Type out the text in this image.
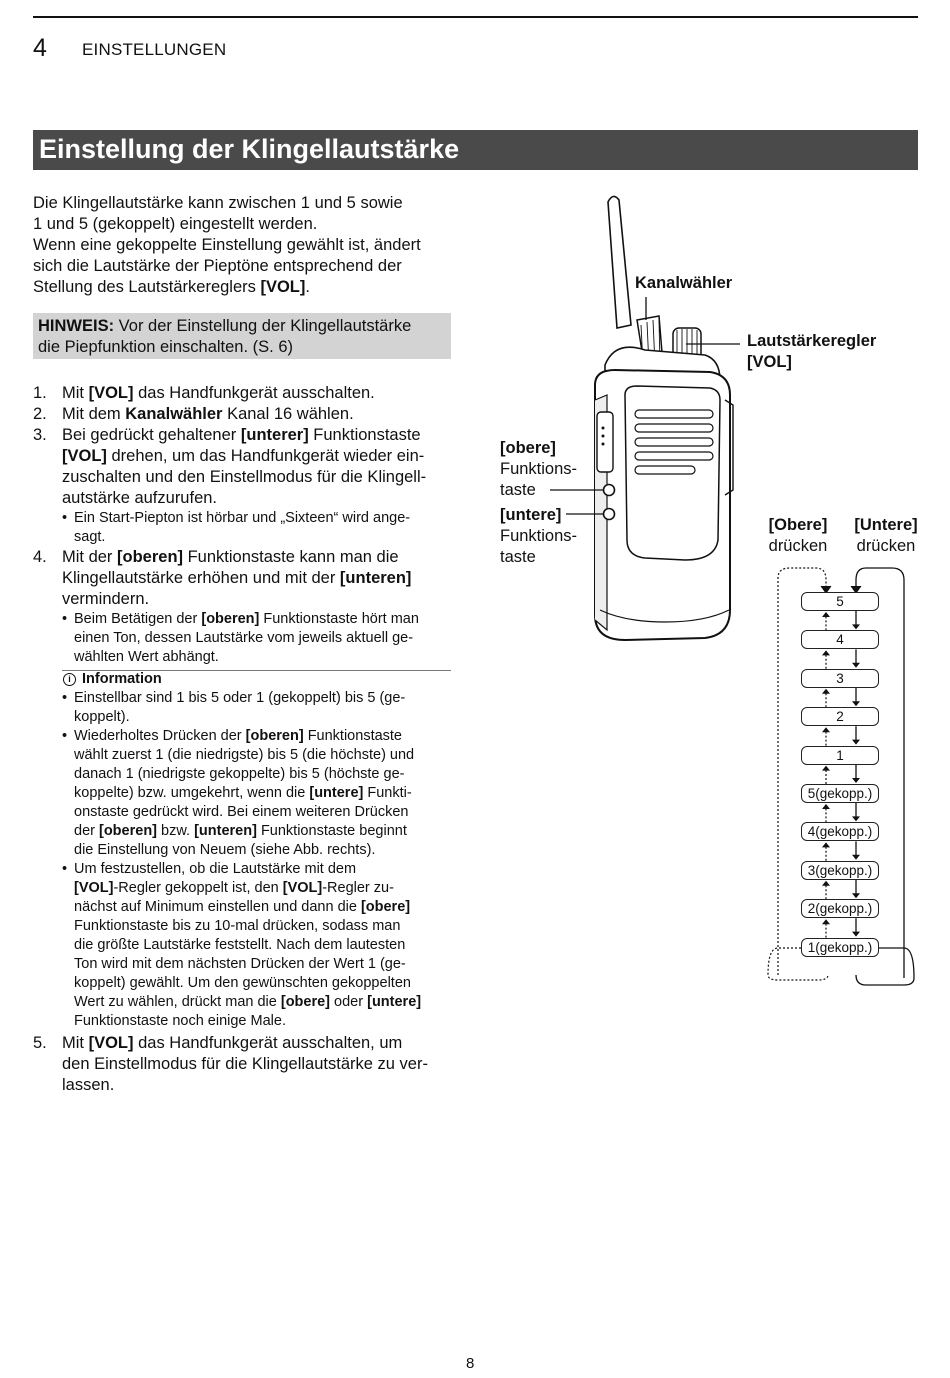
4 EINSTELLUNGEN
Einstellung der Klingellautstärke
Die Klingellautstärke kann zwischen 1 und 5 sowie
1 und 5 (gekoppelt) eingestellt werden.
Wenn eine gekoppelte Einstellung gewählt ist, ändert
sich die Lautstärke der Pieptöne entsprechend der
Stellung des Lautstärkereglers [VOL].
HINWEIS: Vor der Einstellung der Klingellautstärke
die Piepfunktion einschalten. (S. 6)
1. Mit [VOL] das Handfunkgerät ausschalten.
2. Mit dem Kanalwähler Kanal 16 wählen.
3. Bei gedrückt gehaltener [unterer] Funktionstaste
[VOL] drehen, um das Handfunkgerät wieder ein-
zuschalten und den Einstellmodus für die Klingell-
autstärke aufzurufen.
• Ein Start-Piepton ist hörbar und „Sixteen“ wird ange-
sagt.
4. Mit der [oberen] Funktionstaste kann man die
Klingellautstärke erhöhen und mit der [unteren]
vermindern.
• Beim Betätigen der [oberen] Funktionstaste hört man
einen Ton, dessen Lautstärke vom jeweils aktuell ge-
wählten Wert abhängt.
i Information
• Einstellbar sind 1 bis 5 oder 1 (gekoppelt) bis 5 (ge-
koppelt).
• Wiederholtes Drücken der [oberen] Funktionstaste
wählt zuerst 1 (die niedrigste) bis 5 (die höchste) und
danach 1 (niedrigste gekoppelte) bis 5 (höchste ge-
koppelte) bzw. umgekehrt, wenn die [untere] Funkti-
onstaste gedrückt wird. Bei einem weiteren Drücken
der [oberen] bzw. [unteren] Funktionstaste beginnt
die Einstellung von Neuem (siehe Abb. rechts).
• Um festzustellen, ob die Lautstärke mit dem
[VOL]-Regler gekoppelt ist, den [VOL]-Regler zu-
nächst auf Minimum einstellen und dann die [obere]
Funktionstaste bis zu 10-mal drücken, sodass man
die größte Lautstärke feststellt. Nach dem lautesten
Ton wird mit dem nächsten Drücken der Wert 1 (ge-
koppelt) gewählt. Um den gewünschten gekoppelten
Wert zu wählen, drückt man die [obere] oder [untere]
Funktionstaste noch einige Male.
5. Mit [VOL] das Handfunkgerät ausschalten, um
den Einstellmodus für die Klingellautstärke zu ver-
lassen.
Kanalwähler
Lautstärkeregler
[VOL]
[obere]
Funktions-
taste
[untere]
Funktions-
taste
[Obere]
drücken
[Untere]
drücken
5
4
3
2
1
5(gekopp.)
4(gekopp.)
3(gekopp.)
2(gekopp.)
1(gekopp.)
8
